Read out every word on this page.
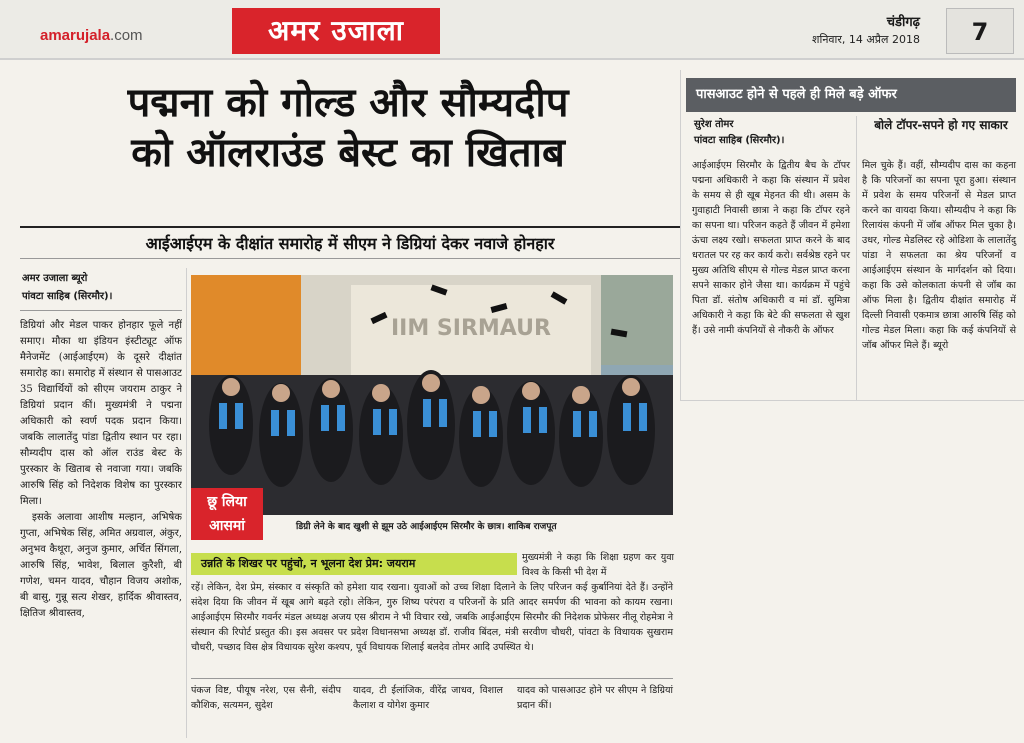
amarujala.com	अमर उजाला	चंडीगढ़
शनिवार, 14 अप्रैल 2018	7
पद्मना को गोल्ड और सौम्यदीप
को ऑलराउंड बेस्ट का खिताब
आईआईएम के दीक्षांत समारोह में सीएम ने डिग्रियां देकर नवाजे होनहार
अमर उजाला ब्यूरो
पांवटा साहिब (सिरमौर)।

डिग्रियां और मेडल पाकर होनहार फूले नहीं समाए। मौका था इंडियन इंस्टीट्यूट ऑफ मैनेजमेंट (आईआईएम) के दूसरे दीक्षांत समारोह का। समारोह में संस्थान से पासआउट 35 विद्यार्थियों को सीएम जयराम ठाकुर ने डिग्रियां प्रदान कीं। मुख्यमंत्री ने पद्मना अधिकारी को स्वर्ण पदक प्रदान किया। जबकि लालातेंदु पांडा द्वितीय स्थान पर रहा। सौम्यदीप दास को ऑल राउंड बेस्ट के पुरस्कार के खिताब से नवाजा गया। जबकि आरुषि सिंह को निदेशक विशेष का पुरस्कार मिला।

इसके अलावा आशीष मल्हान, अभिषेक गुप्ता, अभिषेक सिंह, अमित अग्रवाल, अंकुर, अनुभव कैथूरा, अनुज कुमार, अर्चित सिंगला, आरुषि सिंह, भावेश, बिलाल कुरैशी, बी गणेश, चमन यादव, चौहान विजय अशोक, बी बासु, गुन्नू सत्य शेखर, हार्दिक श्रीवास्तव, क्षितिज श्रीवास्तव,

IIM SIRMAUR
छू लिया
आसमां	डिग्री लेने के बाद खुशी से झूम उठे आईआईएम सिरमौर के छात्र। शाकिब राजपूत
उन्नति के शिखर पर पहुंचो, न भूलना देश प्रेम: जयराम	मुख्यमंत्री ने कहा कि शिक्षा ग्रहण कर युवा विश्व के किसी भी देश में
रहें। लेकिन, देश प्रेम, संस्कार व संस्कृति को हमेशा याद रखना। युवाओं को उच्च शिक्षा दिलाने के लिए परिजन कई कुर्बानियां देते हैं। उन्होंने संदेश दिया कि जीवन में खूब आगे बढ़ते रहो। लेकिन, गुरु शिष्य परंपरा व परिजनों के प्रति आदर समर्पण की भावना को कायम रखना। आईआईएम सिरमौर गवर्नर मंडल अध्यक्ष अजय एस श्रीराम ने भी विचार रखे, जबकि आईआईएम सिरमौर की निदेशक प्रोफेसर नीलू रोहमेत्रा ने संस्थान की रिपोर्ट प्रस्तुत की। इस अवसर पर प्रदेश विधानसभा अध्यक्ष डॉ. राजीव बिंदल, मंत्री सरवीण चौधरी, पांवटा के विधायक सुखराम चौधरी, पच्छाद विस क्षेत्र विधायक सुरेश कश्यप, पूर्व विधायक शिलाई बलदेव तोमर आदि उपस्थित थे।
पंकज विष्ट, पीयूष नरेश, एस सैनी, संदीप कौशिक, सत्यमन, सुदेश
यादव, टी ईलांजिक, वीरेंद्र जाधव, विशाल कैलाश व योगेश कुमार
यादव को पासआउट होने पर सीएम ने डिग्रियां प्रदान कीं।
पासआउट होने से पहले ही मिले बड़े ऑफर
सुरेश तोमर
पांवटा साहिब (सिरमौर)।
बोले टॉपर-सपने हो गए साकार
आईआईएम सिरमौर के द्वितीय बैच के टॉपर पद्मना अधिकारी ने कहा कि संस्थान में प्रवेश के समय से ही खूब मेहनत की थी। असम के गुवाहाटी निवासी छात्रा ने कहा कि टॉपर रहने का सपना था। परिजन कहते हैं जीवन में हमेशा ऊंचा लक्ष्य रखो। सफलता प्राप्त करने के बाद धरातल पर रह कर कार्य करो। सर्वश्रेष्ठ रहने पर मुख्य अतिथि सीएम से गोल्ड मेडल प्राप्त करना सपने साकार होने जैसा था। कार्यक्रम में पहुंचे पिता डॉ. संतोष अधिकारी व मां डॉ. सुमित्रा अधिकारी ने कहा कि बेटे की सफलता से खुश हैं। उसे नामी कंपनियों से नौकरी के ऑफर
मिल चुके हैं। वहीं, सौम्यदीप दास का कहना है कि परिजनों का सपना पूरा हुआ। संस्थान में प्रवेश के समय परिजनों से मेडल प्राप्त करने का वायदा किया। सौम्यदीप ने कहा कि रिलायंस कंपनी में जॉब ऑफर मिल चुका है। उधर, गोल्ड मेडलिस्ट रहे ओडिशा के लालातेंदु पांडा ने सफलता का श्रेय परिजनों व आईआईएम संस्थान के मार्गदर्शन को दिया। कहा कि उसे कोलकाता कंपनी से जॉब का ऑफ मिला है। द्वितीय दीक्षांत समारोह में दिल्ली निवासी एकमात्र छात्रा आरुषि सिंह को गोल्ड मेडल मिला। कहा कि कई कंपनियों से जॉब ऑफर मिले हैं। ब्यूरो
